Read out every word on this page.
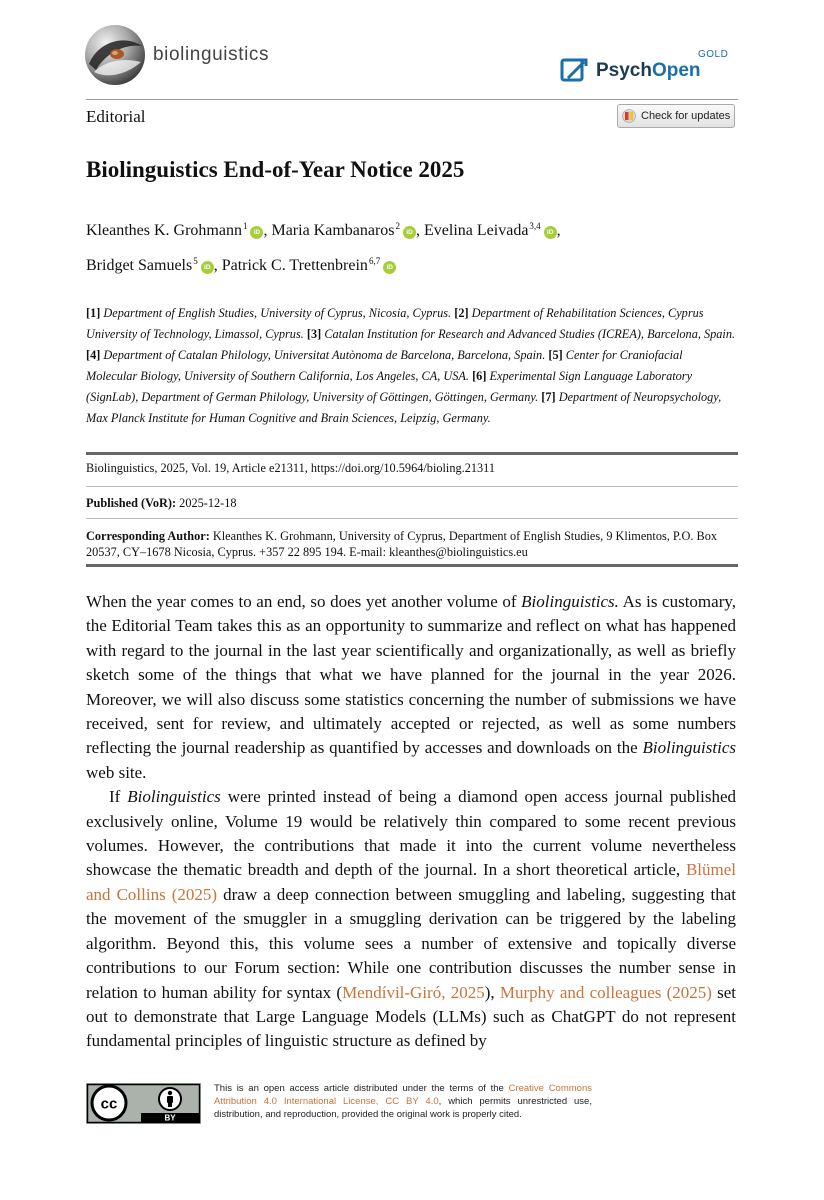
biolinguistics
PsychOpen
GOLD
Editorial	Check for updates
Biolinguistics End-of-Year Notice 2025
Kleanthes K. Grohmann$^1$iD , Maria Kambanaros$^2$iD , Evelina Leivada$^{3,4}$iD ,
Bridget Samuels$^5$iD , Patrick C. Trettenbrein$^{6,7}$iD
[1] Department of English Studies, University of Cyprus, Nicosia, Cyprus. [2] Department of Rehabilitation Sciences, Cyprus University of Technology, Limassol, Cyprus. [3] Catalan Institution for Research and Advanced Studies (ICREA), Barcelona, Spain. [4] Department of Catalan Philology, Universitat Autònoma de Barcelona, Barcelona, Spain. [5] Center for Craniofacial Molecular Biology, University of Southern California, Los Angeles, CA, USA. [6] Experimental Sign Language Laboratory (SignLab), Department of German Philology, University of Göttingen, Göttingen, Germany. [7] Department of Neuropsychology, Max Planck Institute for Human Cognitive and Brain Sciences, Leipzig, Germany.
Biolinguistics, 2025, Vol. 19, Article e21311, https://doi.org/10.5964/bioling.21311
Published (VoR): 2025-12-18
Corresponding Author: Kleanthes K. Grohmann, University of Cyprus, Department of English Studies, 9 Klimentos, P.O. Box 20537, CY–1678 Nicosia, Cyprus. +357 22 895 194. E-mail: kleanthes@biolinguistics.eu

When the year comes to an end, so does yet another volume of Biolinguistics. As is customary, the Editorial Team takes this as an opportunity to summarize and reflect on what has happened with regard to the journal in the last year scientifically and organizationally, as well as briefly sketch some of the things that what we have planned for the journal in the year 2026. Moreover, we will also discuss some statistics concerning the number of submissions we have received, sent for review, and ultimately accepted or rejected, as well as some numbers reflecting the journal readership as quantified by accesses and downloads on the Biolinguistics web site.

If Biolinguistics were printed instead of being a diamond open access journal published exclusively online, Volume 19 would be relatively thin compared to some recent previous volumes. However, the contributions that made it into the current volume nevertheless showcase the thematic breadth and depth of the journal. In a short theoretical article, Blümel and Collins (2025) draw a deep connection between smuggling and labeling, suggesting that the movement of the smuggler in a smuggling derivation can be triggered by the labeling algorithm. Beyond this, this volume sees a number of extensive and topically diverse contributions to our Forum section: While one contribution discusses the number sense in relation to human ability for syntax (Mendívil-Giró, 2025), Murphy and colleagues (2025) set out to demonstrate that Large Language Models (LLMs) such as ChatGPT do not represent fundamental principles of linguistic structure as defined by

cc
BY
This is an open access article distributed under the terms of the Creative Commons Attribution 4.0 International License, CC BY 4.0, which permits unrestricted use, distribution, and reproduction, provided the original work is properly cited.
